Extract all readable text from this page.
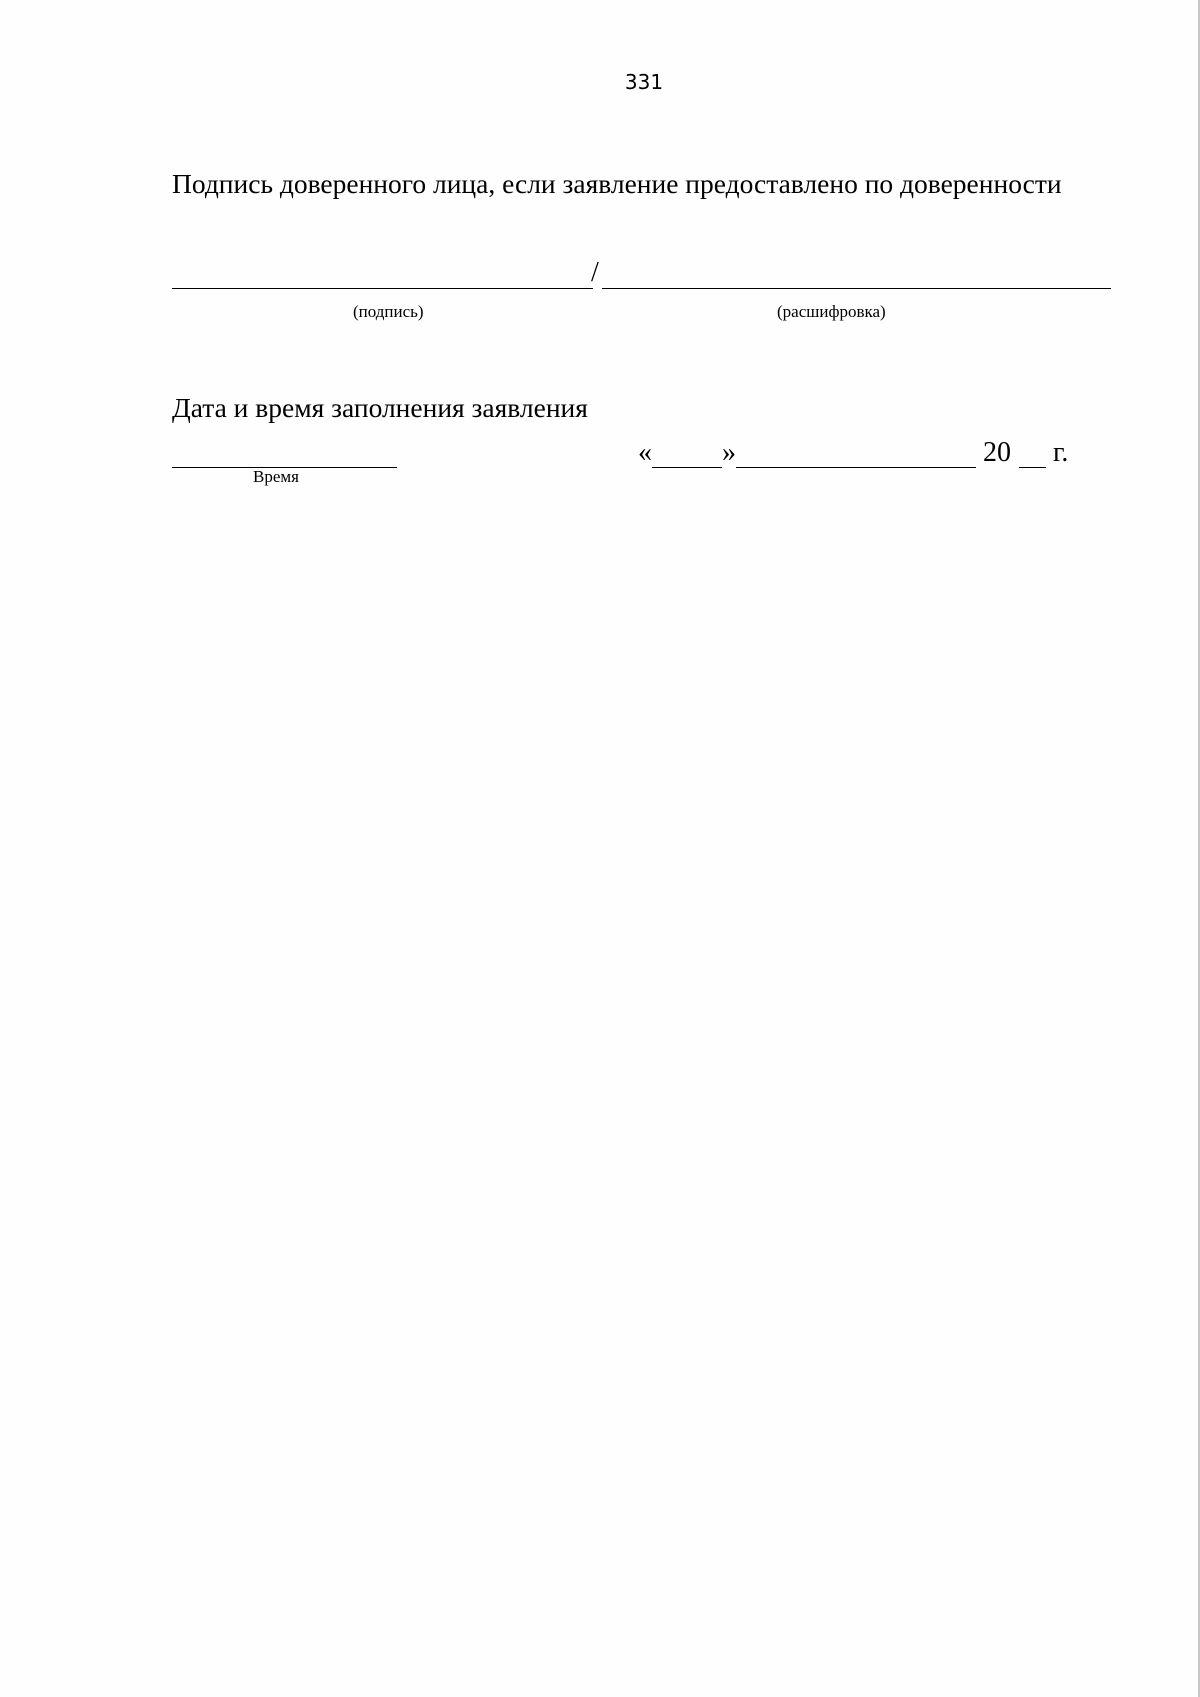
331
Подпись доверенного лица, если заявление предоставлено по доверенности
/
(подпись)	(расшифровка)
Дата и время заполнения заявления
Время
«	»	20 г.
